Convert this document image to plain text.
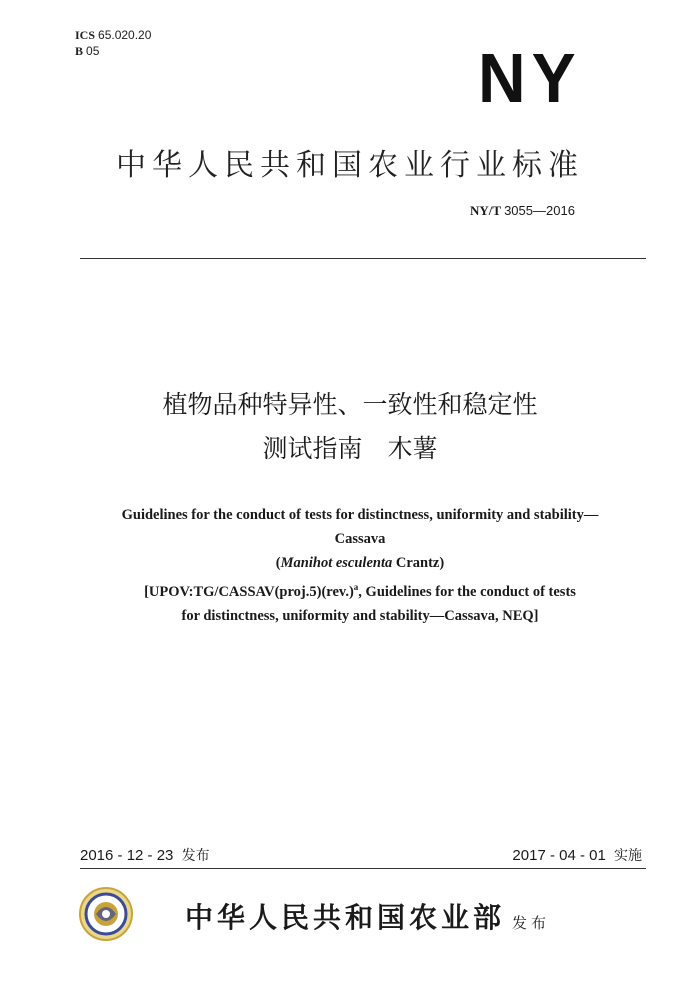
ICS 65.020.20
B 05	NY
中华人民共和国农业行业标准
NY/T 3055—2016
植物品种特异性、一致性和稳定性
测试指南　木薯
Guidelines for the conduct of tests for distinctness, uniformity and stability—
Cassava
(Manihot esculenta Crantz)
[$UPOV:TG/CASSAV(proj.5)(rev.)^a$, Guidelines for the conduct of tests
for distinctness, uniformity and stability—Cassava, NEQ]
2016 - 12 - 23 发布	2017 - 04 - 01 实施
中华人民共和国农业部 发布
